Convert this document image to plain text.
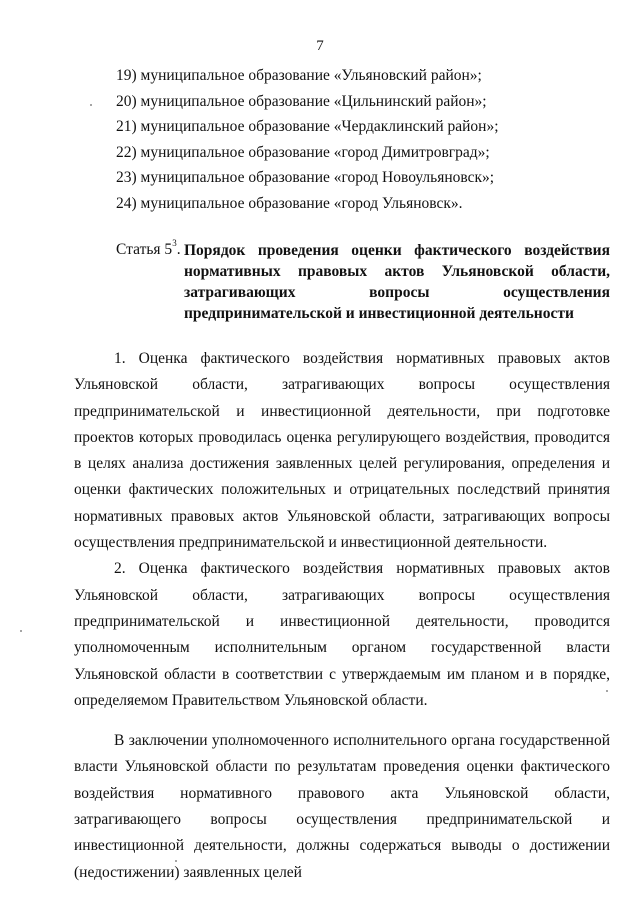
7
19) муниципальное образование «Ульяновский район»;
20) муниципальное образование «Цильнинский район»;
21) муниципальное образование «Чердаклинский район»;
22) муниципальное образование «город Димитровград»;
23) муниципальное образование «город Новоульяновск»;
24) муниципальное образование «город Ульяновск».
Статья $5^3$. Порядок проведения оценки фактического воздействия нормативных правовых актов Ульяновской области, затрагивающих вопросы осуществления предпринимательской и инвестиционной деятельности

1. Оценка фактического воздействия нормативных правовых актов Ульяновской области, затрагивающих вопросы осуществления предпринимательской и инвестиционной деятельности, при подготовке проектов которых проводилась оценка регулирующего воздействия, проводится в целях анализа достижения заявленных целей регулирования, определения и оценки фактических положительных и отрицательных последствий принятия нормативных правовых актов Ульяновской области, затрагивающих вопросы осуществления предпринимательской и инвестиционной деятельности.

2. Оценка фактического воздействия нормативных правовых актов Ульяновской области, затрагивающих вопросы осуществления предпринимательской и инвестиционной деятельности, проводится уполномоченным исполнительным органом государственной власти Ульяновской области в соответствии с утверждаемым им планом и в порядке, определяемом Правительством Ульяновской области.

В заключении уполномоченного исполнительного органа государственной власти Ульяновской области по результатам проведения оценки фактического воздействия нормативного правового акта Ульяновской области, затрагивающего вопросы осуществления предпринимательской и инвестиционной деятельности, должны содержаться выводы о достижении (недостижении) заявленных целей
